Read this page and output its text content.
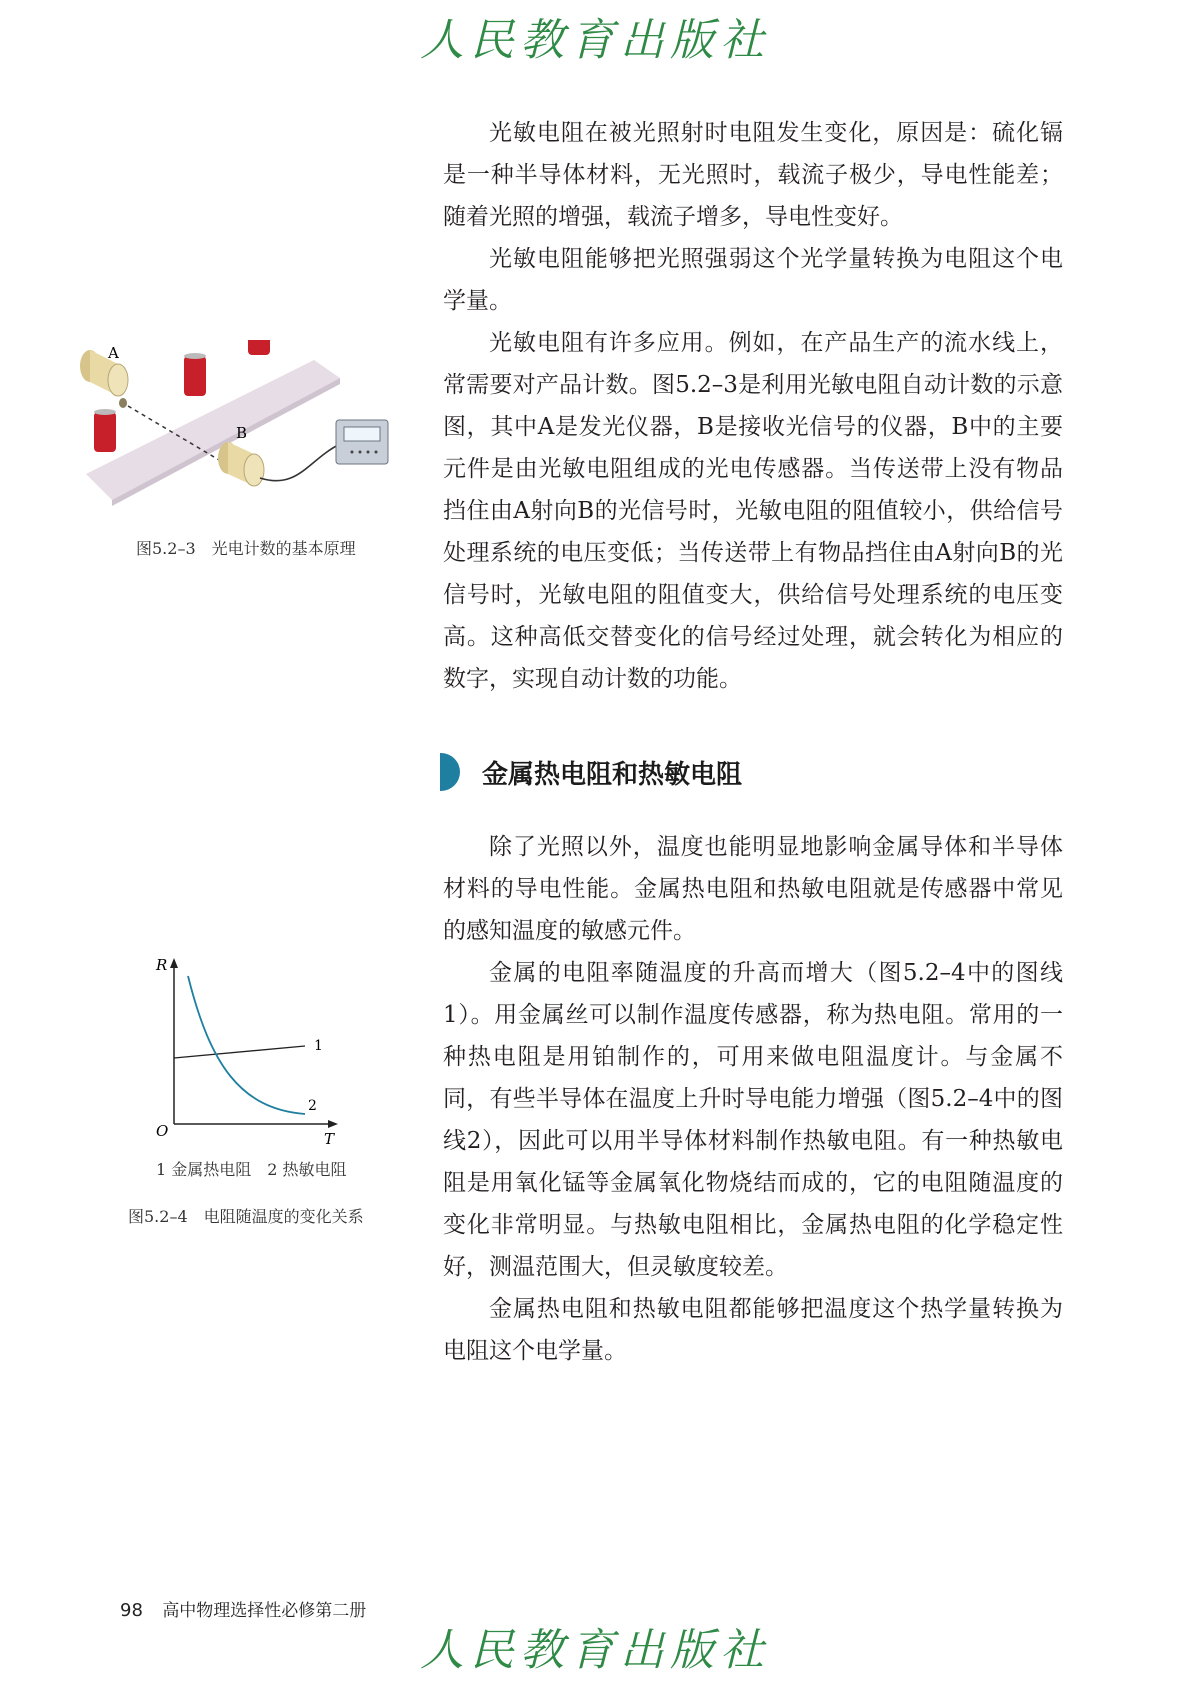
人民教育出版社

光敏电阻在被光照射时电阻发生变化，原因是：硫化镉是一种半导体材料，无光照时，载流子极少，导电性能差；随着光照的增强，载流子增多，导电性变好。

光敏电阻能够把光照强弱这个光学量转换为电阻这个电学量。

光敏电阻有许多应用。例如，在产品生产的流水线上，常需要对产品计数。图5.2–3是利用光敏电阻自动计数的示意图，其中A是发光仪器，B是接收光信号的仪器，B中的主要元件是由光敏电阻组成的光电传感器。当传送带上没有物品挡住由A射向B的光信号时，光敏电阻的阻值较小，供给信号处理系统的电压变低；当传送带上有物品挡住由A射向B的光信号时，光敏电阻的阻值变大，供给信号处理系统的电压变高。这种高低交替变化的信号经过处理，就会转化为相应的数字，实现自动计数的功能。

A
B
图5.2–3　光电计数的基本原理
金属热电阻和热敏电阻

除了光照以外，温度也能明显地影响金属导体和半导体材料的导电性能。金属热电阻和热敏电阻就是传感器中常见的感知温度的敏感元件。

金属的电阻率随温度的升高而增大（图5.2–4中的图线1）。用金属丝可以制作温度传感器，称为热电阻。常用的一种热电阻是用铂制作的，可用来做电阻温度计。与金属不同，有些半导体在温度上升时导电能力增强（图5.2–4中的图线2），因此可以用半导体材料制作热敏电阻。有一种热敏电阻是用氧化锰等金属氧化物烧结而成的，它的电阻随温度的变化非常明显。与热敏电阻相比，金属热电阻的化学稳定性好，测温范围大，但灵敏度较差。

金属热电阻和热敏电阻都能够把温度这个热学量转换为电阻这个电学量。

R
T
O
1
2
1 金属热电阻　2 热敏电阻
图5.2–4　电阻随温度的变化关系
98 高中物理选择性必修第二册
人民教育出版社
